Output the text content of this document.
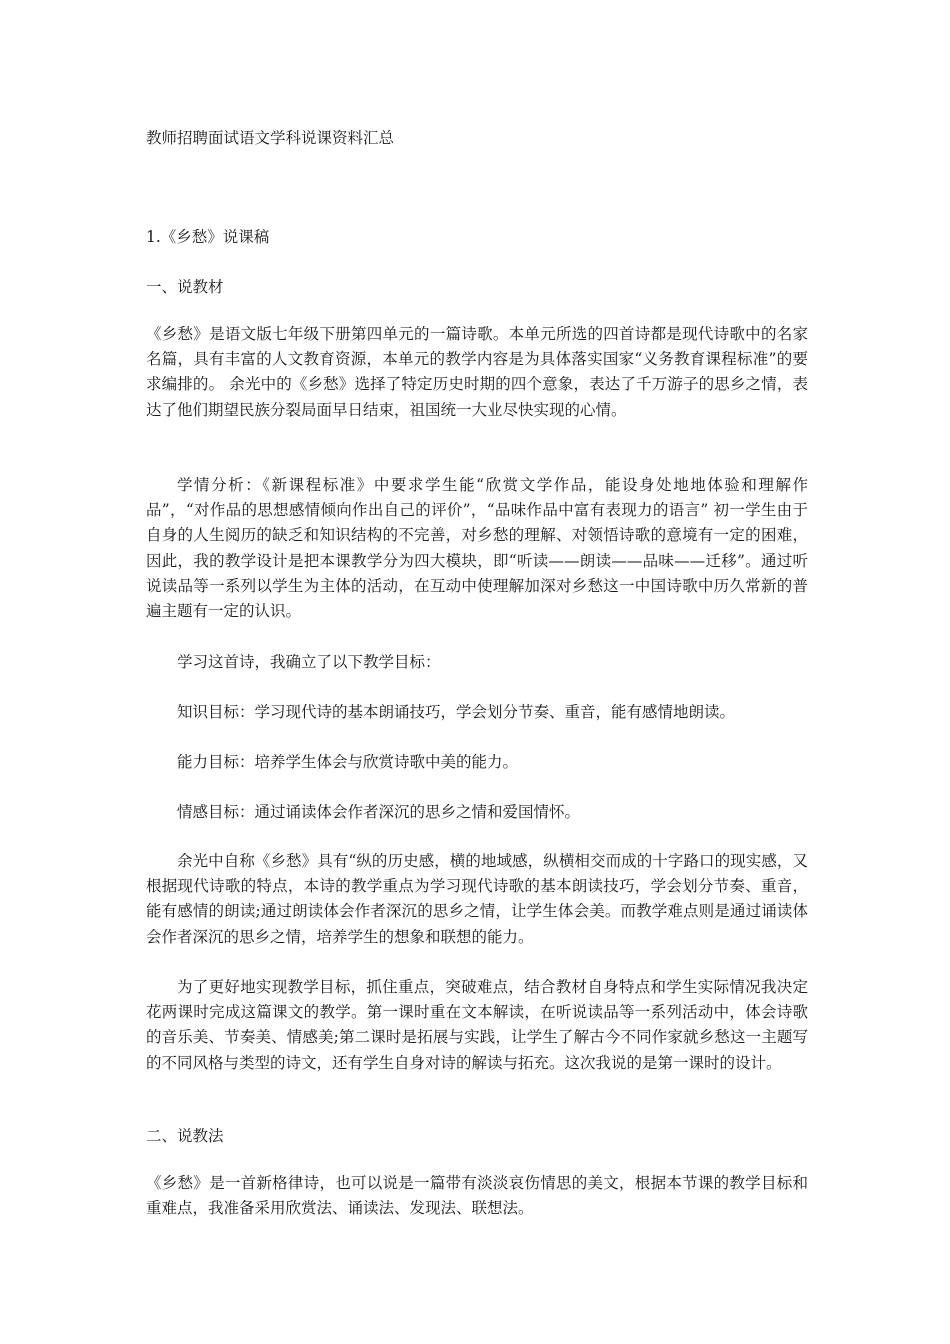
教师招聘面试语文学科说课资料汇总
1.《乡愁》说课稿
一、说教材
《乡愁》是语文版七年级下册第四单元的一篇诗歌。本单元所选的四首诗都是现代诗歌中的名家名篇，具有丰富的人文教育资源，本单元的教学内容是为具体落实国家“义务教育课程标准”的要求编排的。 余光中的《乡愁》选择了特定历史时期的四个意象，表达了千万游子的思乡之情，表达了他们期望民族分裂局面早日结束，祖国统一大业尽快实现的心情。
学情分析：《新课程标准》中要求学生能“欣赏文学作品，能设身处地地体验和理解作品”，“对作品的思想感情倾向作出自己的评价”，“品味作品中富有表现力的语言” 初一学生由于自身的人生阅历的缺乏和知识结构的不完善，对乡愁的理解、对领悟诗歌的意境有一定的困难，因此，我的教学设计是把本课教学分为四大模块，即“听读——朗读——品味——迁移”。通过听说读品等一系列以学生为主体的活动，在互动中使理解加深对乡愁这一中国诗歌中历久常新的普遍主题有一定的认识。
学习这首诗，我确立了以下教学目标：
知识目标：学习现代诗的基本朗诵技巧，学会划分节奏、重音，能有感情地朗读。
能力目标：培养学生体会与欣赏诗歌中美的能力。
情感目标：通过诵读体会作者深沉的思乡之情和爱国情怀。
余光中自称《乡愁》具有“纵的历史感，横的地域感，纵横相交而成的十字路口的现实感，又根据现代诗歌的特点，本诗的教学重点为学习现代诗歌的基本朗读技巧，学会划分节奏、重音，能有感情的朗读;通过朗读体会作者深沉的思乡之情，让学生体会美。而教学难点则是通过诵读体会作者深沉的思乡之情，培养学生的想象和联想的能力。
为了更好地实现教学目标，抓住重点，突破难点，结合教材自身特点和学生实际情况我决定花两课时完成这篇课文的教学。第一课时重在文本解读，在听说读品等一系列活动中，体会诗歌的音乐美、节奏美、情感美;第二课时是拓展与实践，让学生了解古今不同作家就乡愁这一主题写的不同风格与类型的诗文，还有学生自身对诗的解读与拓充。这次我说的是第一课时的设计。
二、说教法
《乡愁》是一首新格律诗，也可以说是一篇带有淡淡哀伤情思的美文，根据本节课的教学目标和重难点，我准备采用欣赏法、诵读法、发现法、联想法。
